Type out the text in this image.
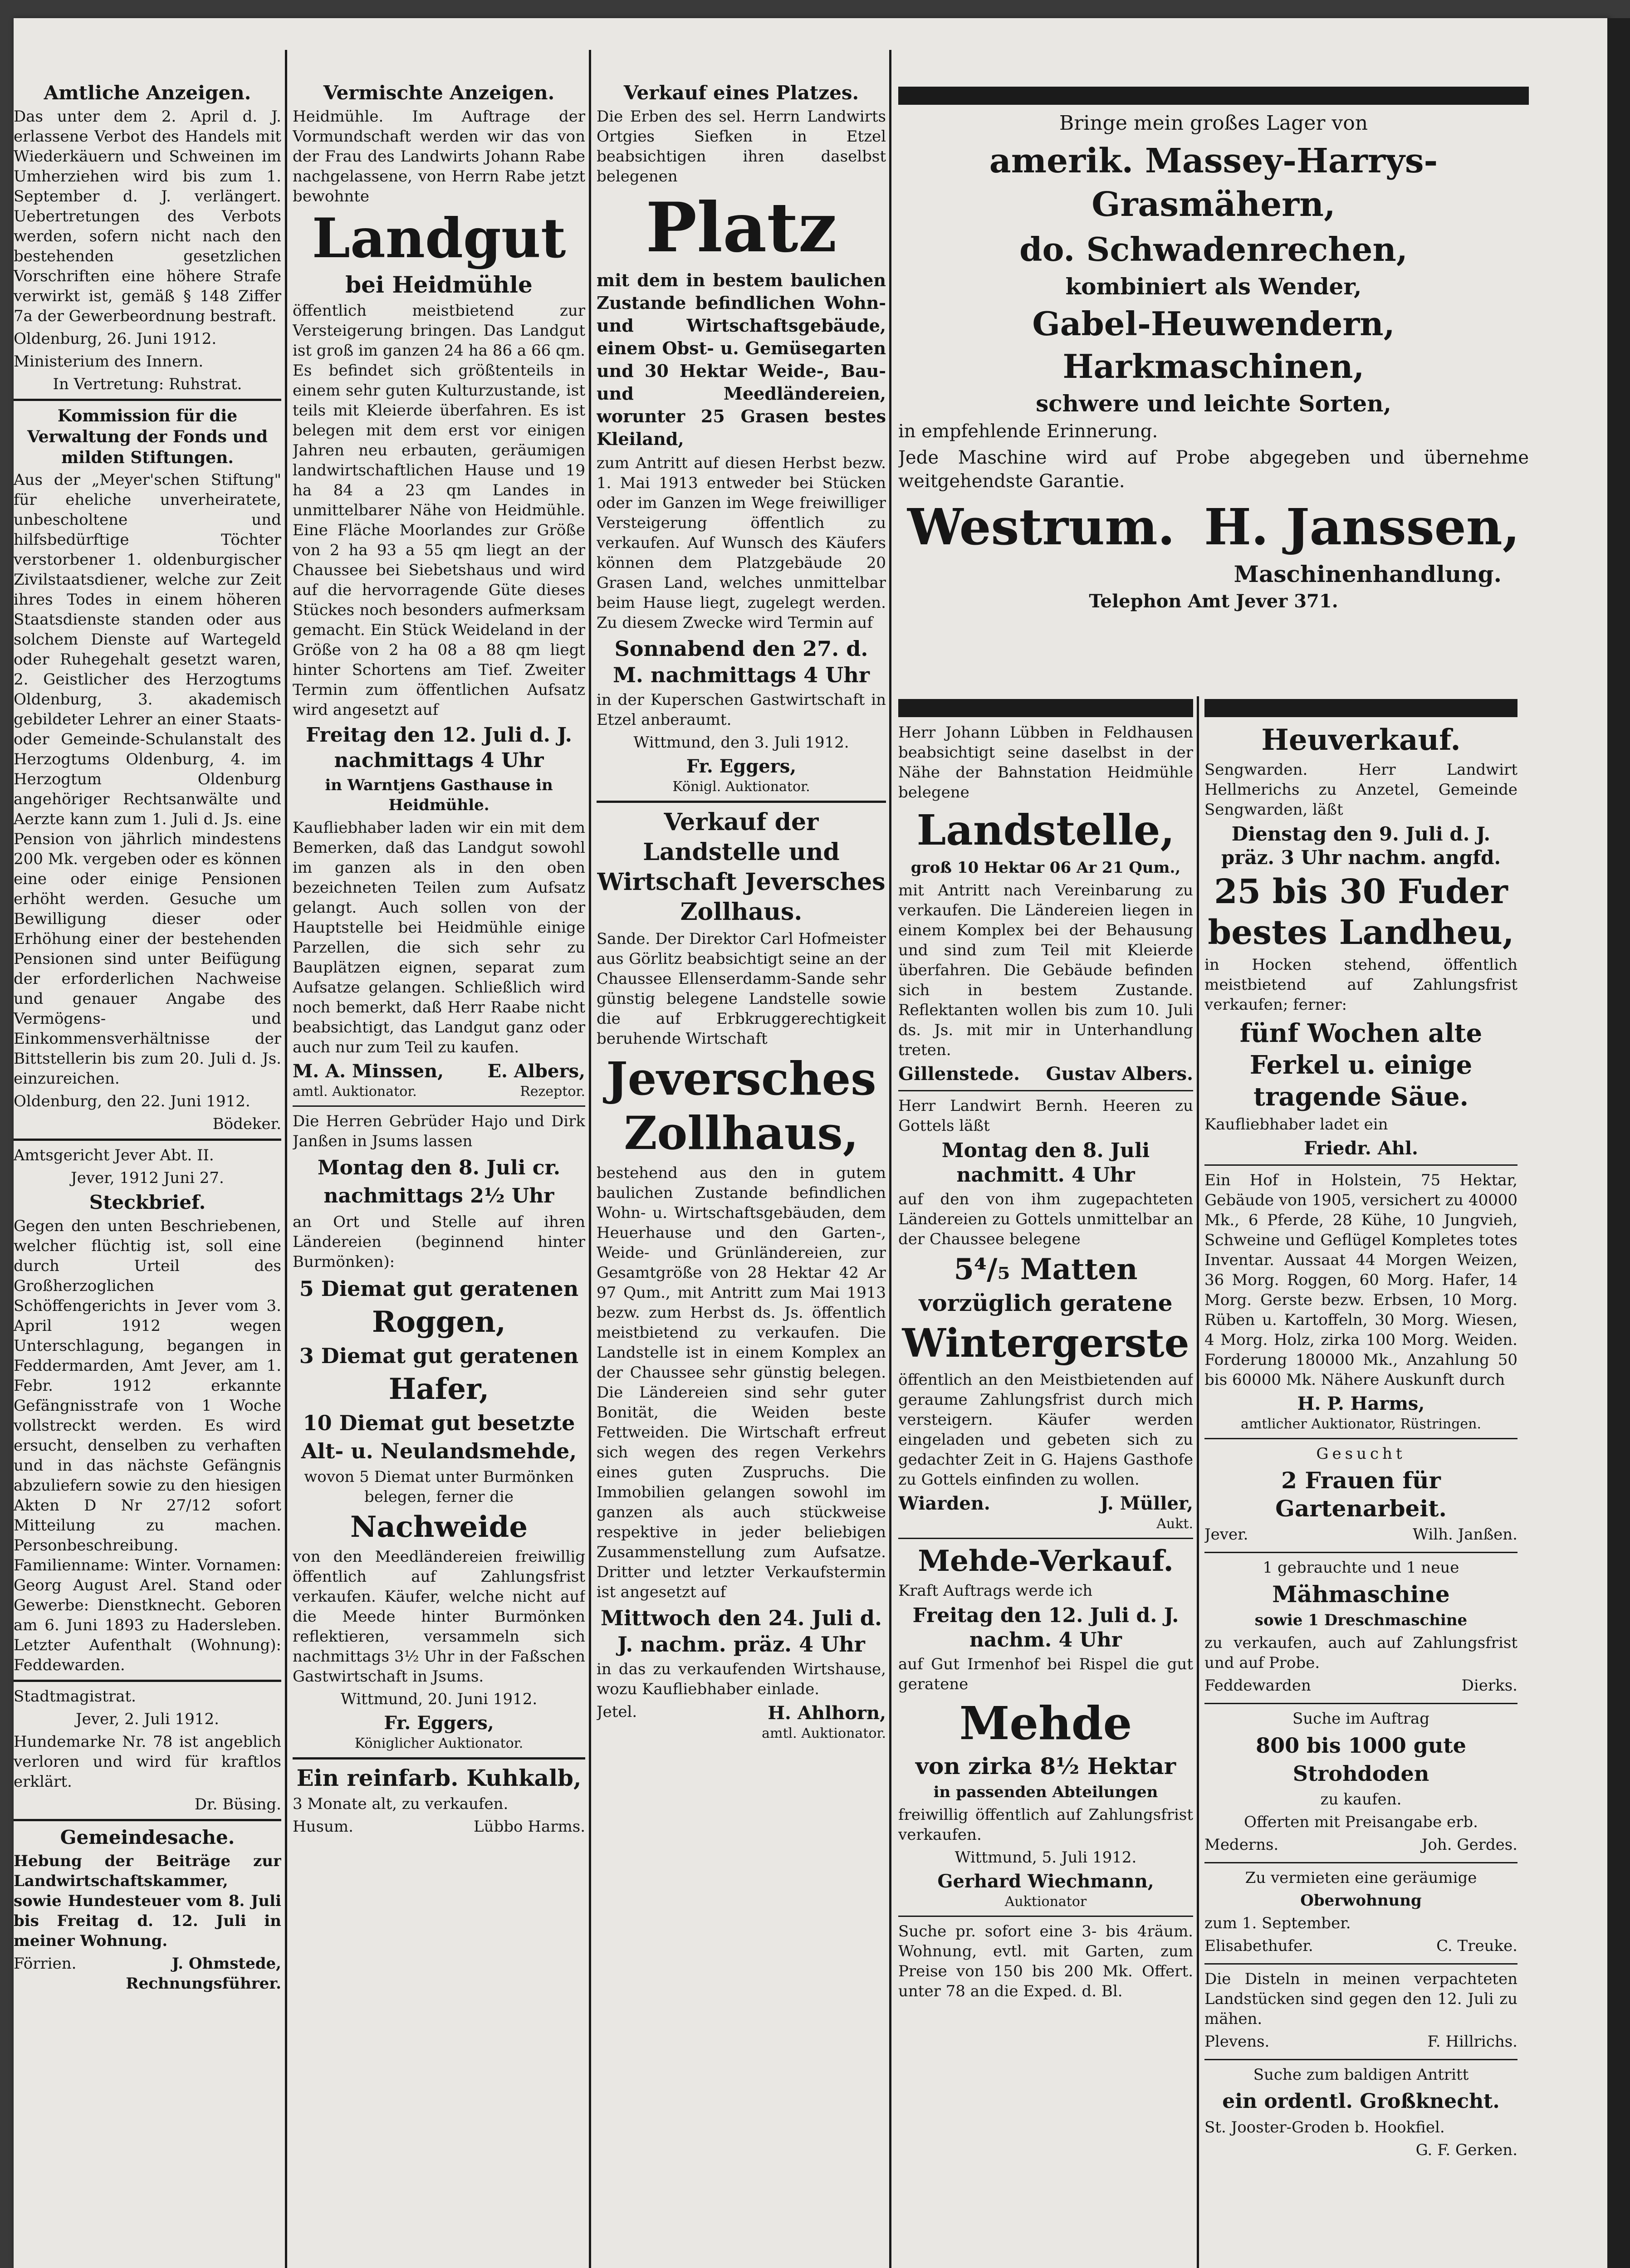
Amtliche Anzeigen.
Das unter dem 2. April d. J. erlassene Verbot des Handels mit Wiederkäuern und Schweinen im Umherziehen wird bis zum 1. September d. J. verlängert. Uebertretungen des Verbots werden, sofern nicht nach den bestehenden gesetzlichen Vorschriften eine höhere Strafe verwirkt ist, gemäß § 148 Ziffer 7a der Gewerbeordnung bestraft.
Oldenburg, 26. Juni 1912.
Ministerium des Innern.
In Vertretung: Ruhstrat.
Kommission für die Verwaltung der Fonds und milden Stiftungen.
Aus der „Meyer'schen Stiftung" für eheliche unverheiratete, unbescholtene und hilfsbedürftige Töchter verstorbener 1. oldenburgischer Zivilstaatsdiener, welche zur Zeit ihres Todes in einem höheren Staatsdienste standen oder aus solchem Dienste auf Wartegeld oder Ruhegehalt gesetzt waren, 2. Geistlicher des Herzogtums Oldenburg, 3. akademisch gebildeter Lehrer an einer Staats- oder Gemeinde-Schulanstalt des Herzogtums Oldenburg, 4. im Herzogtum Oldenburg angehöriger Rechtsanwälte und Aerzte kann zum 1. Juli d. Js. eine Pension von jährlich mindestens 200 Mk. vergeben oder es können eine oder einige Pensionen erhöht werden. Gesuche um Bewilligung dieser oder Erhöhung einer der bestehenden Pensionen sind unter Beifügung der erforderlichen Nachweise und genauer Angabe des Vermögens- und Einkommensverhältnisse der Bittstellerin bis zum 20. Juli d. Js. einzureichen.
Oldenburg, den 22. Juni 1912.
Bödeker.
Amtsgericht Jever Abt. II.
Jever, 1912 Juni 27.
Steckbrief.
Gegen den unten Beschriebenen, welcher flüchtig ist, soll eine durch Urteil des Großherzoglichen Schöffengerichts in Jever vom 3. April 1912 wegen Unterschlagung, begangen in Feddermarden, Amt Jever, am 1. Febr. 1912 erkannte Gefängnisstrafe von 1 Woche vollstreckt werden. Es wird ersucht, denselben zu verhaften und in das nächste Gefängnis abzuliefern sowie zu den hiesigen Akten D Nr 27/12 sofort Mitteilung zu machen. Personbeschreibung. Familienname: Winter. Vornamen: Georg August Arel. Stand oder Gewerbe: Dienstknecht. Geboren am 6. Juni 1893 zu Hadersleben. Letzter Aufenthalt (Wohnung): Feddewarden.
Stadtmagistrat.
Jever, 2. Juli 1912.
Hundemarke Nr. 78 ist angeblich verloren und wird für kraftlos erklärt.
Dr. Büsing.
Gemeindesache.
Hebung der Beiträge zur Landwirtschaftskammer, sowie Hundesteuer vom 8. Juli bis Freitag d. 12. Juli in meiner Wohnung.
Förrien.	J. Ohmstede, Rechnungsführer.
Vermischte Anzeigen.
Heidmühle. Im Auftrage der Vormundschaft werden wir das von der Frau des Landwirts Johann Rabe nachgelassene, von Herrn Rabe jetzt bewohnte
Landgut
bei Heidmühle
öffentlich meistbietend zur Versteigerung bringen. Das Landgut ist groß im ganzen 24 ha 86 a 66 qm. Es befindet sich größtenteils in einem sehr guten Kulturzustande, ist teils mit Kleierde überfahren. Es ist belegen mit dem erst vor einigen Jahren neu erbauten, geräumigen landwirtschaftlichen Hause und 19 ha 84 a 23 qm Landes in unmittelbarer Nähe von Heidmühle. Eine Fläche Moorlandes zur Größe von 2 ha 93 a 55 qm liegt an der Chaussee bei Siebetshaus und wird auf die hervorragende Güte dieses Stückes noch besonders aufmerksam gemacht. Ein Stück Weideland in der Größe von 2 ha 08 a 88 qm liegt hinter Schortens am Tief. Zweiter Termin zum öffentlichen Aufsatz wird angesetzt auf
Freitag den 12. Juli d. J. nachmittags 4 Uhr
in Warntjens Gasthause in Heidmühle.
Kaufliebhaber laden wir ein mit dem Bemerken, daß das Landgut sowohl im ganzen als in den oben bezeichneten Teilen zum Aufsatz gelangt. Auch sollen von der Hauptstelle bei Heidmühle einige Parzellen, die sich sehr zu Bauplätzen eignen, separat zum Aufsatze gelangen. Schließlich wird noch bemerkt, daß Herr Raabe nicht beabsichtigt, das Landgut ganz oder auch nur zum Teil zu kaufen.
M. A. Minssen, E. Albers,
amtl. Auktionator.	Rezeptor.
Die Herren Gebrüder Hajo und Dirk Janßen in Jsums lassen
Montag den 8. Juli cr. nachmittags 2½ Uhr
an Ort und Stelle auf ihren Ländereien (beginnend hinter Burmönken):
5 Diemat gut geratenen
Roggen,
3 Diemat gut geratenen
Hafer,
10 Diemat gut besetzte Alt- u. Neulandsmehde,
wovon 5 Diemat unter Burmönken belegen, ferner die
Nachweide
von den Meedländereien freiwillig öffentlich auf Zahlungsfrist verkaufen. Käufer, welche nicht auf die Meede hinter Burmönken reflektieren, versammeln sich nachmittags 3½ Uhr in der Faßschen Gastwirtschaft in Jsums.
Wittmund, 20. Juni 1912.
Fr. Eggers,
Königlicher Auktionator.
Ein reinfarb. Kuhkalb,
3 Monate alt, zu verkaufen.
Husum.	Lübbo Harms.
Verkauf eines Platzes.
Die Erben des sel. Herrn Landwirts Ortgies Siefken in Etzel beabsichtigen ihren daselbst belegenen
Platz
mit dem in bestem baulichen Zustande befindlichen Wohn- und Wirtschaftsgebäude, einem Obst- u. Gemüsegarten und 30 Hektar Weide-, Bau- und Meedländereien, worunter 25 Grasen bestes Kleiland,
zum Antritt auf diesen Herbst bezw. 1. Mai 1913 entweder bei Stücken oder im Ganzen im Wege freiwilliger Versteigerung öffentlich zu verkaufen. Auf Wunsch des Käufers können dem Platzgebäude 20 Grasen Land, welches unmittelbar beim Hause liegt, zugelegt werden. Zu diesem Zwecke wird Termin auf
Sonnabend den 27. d. M. nachmittags 4 Uhr
in der Kuperschen Gastwirtschaft in Etzel anberaumt.
Wittmund, den 3. Juli 1912.
Fr. Eggers,
Königl. Auktionator.
Verkauf der Landstelle und Wirtschaft Jeversches Zollhaus.
Sande. Der Direktor Carl Hofmeister aus Görlitz beabsichtigt seine an der Chaussee Ellenserdamm-Sande sehr günstig belegene Landstelle sowie die auf Erbkruggerechtigkeit beruhende Wirtschaft
Jeversches Zollhaus,
bestehend aus den in gutem baulichen Zustande befindlichen Wohn- u. Wirtschaftsgebäuden, dem Heuerhause und den Garten-, Weide- und Grünländereien, zur Gesamtgröße von 28 Hektar 42 Ar 97 Qum., mit Antritt zum Mai 1913 bezw. zum Herbst ds. Js. öffentlich meistbietend zu verkaufen. Die Landstelle ist in einem Komplex an der Chaussee sehr günstig belegen. Die Ländereien sind sehr guter Bonität, die Weiden beste Fettweiden. Die Wirtschaft erfreut sich wegen des regen Verkehrs eines guten Zuspruchs. Die Immobilien gelangen sowohl im ganzen als auch stückweise respektive in jeder beliebigen Zusammenstellung zum Aufsatze. Dritter und letzter Verkaufstermin ist angesetzt auf
Mittwoch den 24. Juli d. J. nachm. präz. 4 Uhr
in das zu verkaufenden Wirtshause, wozu Kaufliebhaber einlade.
Jetel.	H. Ahlhorn,
amtl. Auktionator.
Bringe mein großes Lager von
amerik. Massey-Harrys-Grasmähern,
do. Schwadenrechen,
kombiniert als Wender,
Gabel-Heuwendern, Harkmaschinen,
schwere und leichte Sorten,
in empfehlende Erinnerung.
Jede Maschine wird auf Probe abgegeben und übernehme weitgehendste Garantie.
Westrum. H. Janssen,
Maschinenhandlung.
Telephon Amt Jever 371.
Herr Johann Lübben in Feldhausen beabsichtigt seine daselbst in der Nähe der Bahnstation Heidmühle belegene
Landstelle,
groß 10 Hektar 06 Ar 21 Qum.,
mit Antritt nach Vereinbarung zu verkaufen. Die Ländereien liegen in einem Komplex bei der Behausung und sind zum Teil mit Kleierde überfahren. Die Gebäude befinden sich in bestem Zustande. Reflektanten wollen bis zum 10. Juli ds. Js. mit mir in Unterhandlung treten.
Gillenstede. Gustav Albers.
Herr Landwirt Bernh. Heeren zu Gottels läßt
Montag den 8. Juli nachmitt. 4 Uhr
auf den von ihm zugepachteten Ländereien zu Gottels unmittelbar an der Chaussee belegene
5⁴/₅ Matten
vorzüglich geratene
Wintergerste
öffentlich an den Meistbietenden auf geraume Zahlungsfrist durch mich versteigern. Käufer werden eingeladen und gebeten sich zu gedachter Zeit in G. Hajens Gasthofe zu Gottels einfinden zu wollen.
Wiarden.	J. Müller,
Aukt.
Mehde-Verkauf.
Kraft Auftrags werde ich
Freitag den 12. Juli d. J. nachm. 4 Uhr
auf Gut Irmenhof bei Rispel die gut geratene
Mehde
von zirka 8½ Hektar
in passenden Abteilungen
freiwillig öffentlich auf Zahlungsfrist verkaufen.
Wittmund, 5. Juli 1912.
Gerhard Wiechmann,
Auktionator
Suche pr. sofort eine 3- bis 4räum. Wohnung, evtl. mit Garten, zum Preise von 150 bis 200 Mk. Offert. unter 78 an die Exped. d. Bl.
Heuverkauf.
Sengwarden. Herr Landwirt Hellmerichs zu Anzetel, Gemeinde Sengwarden, läßt
Dienstag den 9. Juli d. J. präz. 3 Uhr nachm. angfd.
25 bis 30 Fuder bestes Landheu,
in Hocken stehend, öffentlich meistbietend auf Zahlungsfrist verkaufen; ferner:
fünf Wochen alte Ferkel u. einige tragende Säue.
Kaufliebhaber ladet ein
Friedr. Ahl.
Ein Hof in Holstein, 75 Hektar, Gebäude von 1905, versichert zu 40000 Mk., 6 Pferde, 28 Kühe, 10 Jungvieh, Schweine und Geflügel Kompletes totes Inventar. Aussaat 44 Morgen Weizen, 36 Morg. Roggen, 60 Morg. Hafer, 14 Morg. Gerste bezw. Erbsen, 10 Morg. Rüben u. Kartoffeln, 30 Morg. Wiesen, 4 Morg. Holz, zirka 100 Morg. Weiden. Forderung 180000 Mk., Anzahlung 50 bis 60000 Mk. Nähere Auskunft durch
H. P. Harms,
amtlicher Auktionator, Rüstringen.
Gesucht
2 Frauen für Gartenarbeit.
Jever.	Wilh. Janßen.
1 gebrauchte und 1 neue
Mähmaschine
sowie 1 Dreschmaschine
zu verkaufen, auch auf Zahlungsfrist und auf Probe.
Feddewarden	Dierks.
Suche im Auftrag
800 bis 1000 gute Strohdoden
zu kaufen.
Offerten mit Preisangabe erb.
Mederns.	Joh. Gerdes.
Zu vermieten eine geräumige
Oberwohnung
zum 1. September.
Elisabethufer.	C. Treuke.
Die Disteln in meinen verpachteten Landstücken sind gegen den 12. Juli zu mähen.
Plevens.	F. Hillrichs.
Suche zum baldigen Antritt
ein ordentl. Großknecht.
St. Jooster-Groden b. Hookfiel.
G. F. Gerken.
